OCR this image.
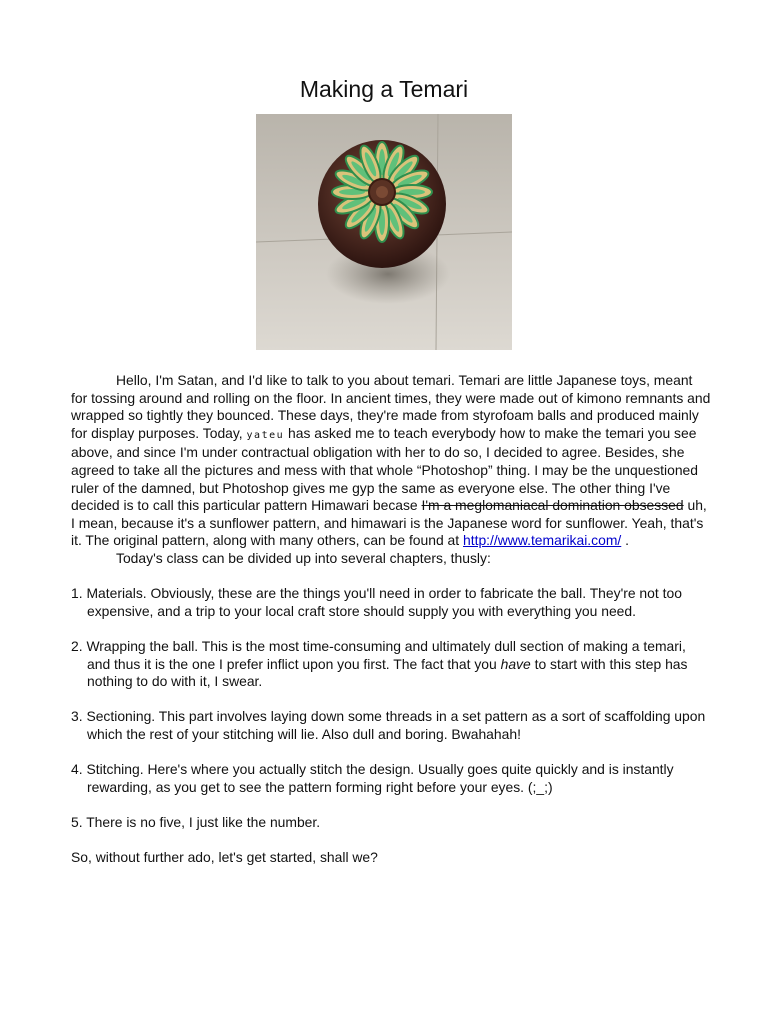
Making a Temari

Hello, I'm Satan, and I'd like to talk to you about temari. Temari are little Japanese toys, meant for tossing around and rolling on the floor. In ancient times, they were made out of kimono remnants and wrapped so tightly they bounced. These days, they're made from styrofoam balls and produced mainly for display purposes. Today, yateu has asked me to teach everybody how to make the temari you see above, and since I'm under contractual obligation with her to do so, I decided to agree. Besides, she agreed to take all the pictures and mess with that whole “Photoshop” thing. I may be the unquestioned ruler of the damned, but Photoshop gives me gyp the same as everyone else. The other thing I've decided is to call this particular pattern Himawari becase I'm a meglomaniacal domination obsessed uh, I mean, because it's a sunflower pattern, and himawari is the Japanese word for sunflower. Yeah, that's it. The original pattern, along with many others, can be found at http://www.temarikai.com/ .

Today's class can be divided up into several chapters, thusly:

1. Materials. Obviously, these are the things you'll need in order to fabricate the ball. They're not too expensive, and a trip to your local craft store should supply you with everything you need.
2. Wrapping the ball. This is the most time-consuming and ultimately dull section of making a temari, and thus it is the one I prefer inflict upon you first. The fact that you have to start with this step has nothing to do with it, I swear.
3. Sectioning. This part involves laying down some threads in a set pattern as a sort of scaffolding upon which the rest of your stitching will lie. Also dull and boring. Bwahahah!
4. Stitching. Here's where you actually stitch the design. Usually goes quite quickly and is instantly rewarding, as you get to see the pattern forming right before your eyes. (;_;)
5. There is no five, I just like the number.

So, without further ado, let's get started, shall we?
